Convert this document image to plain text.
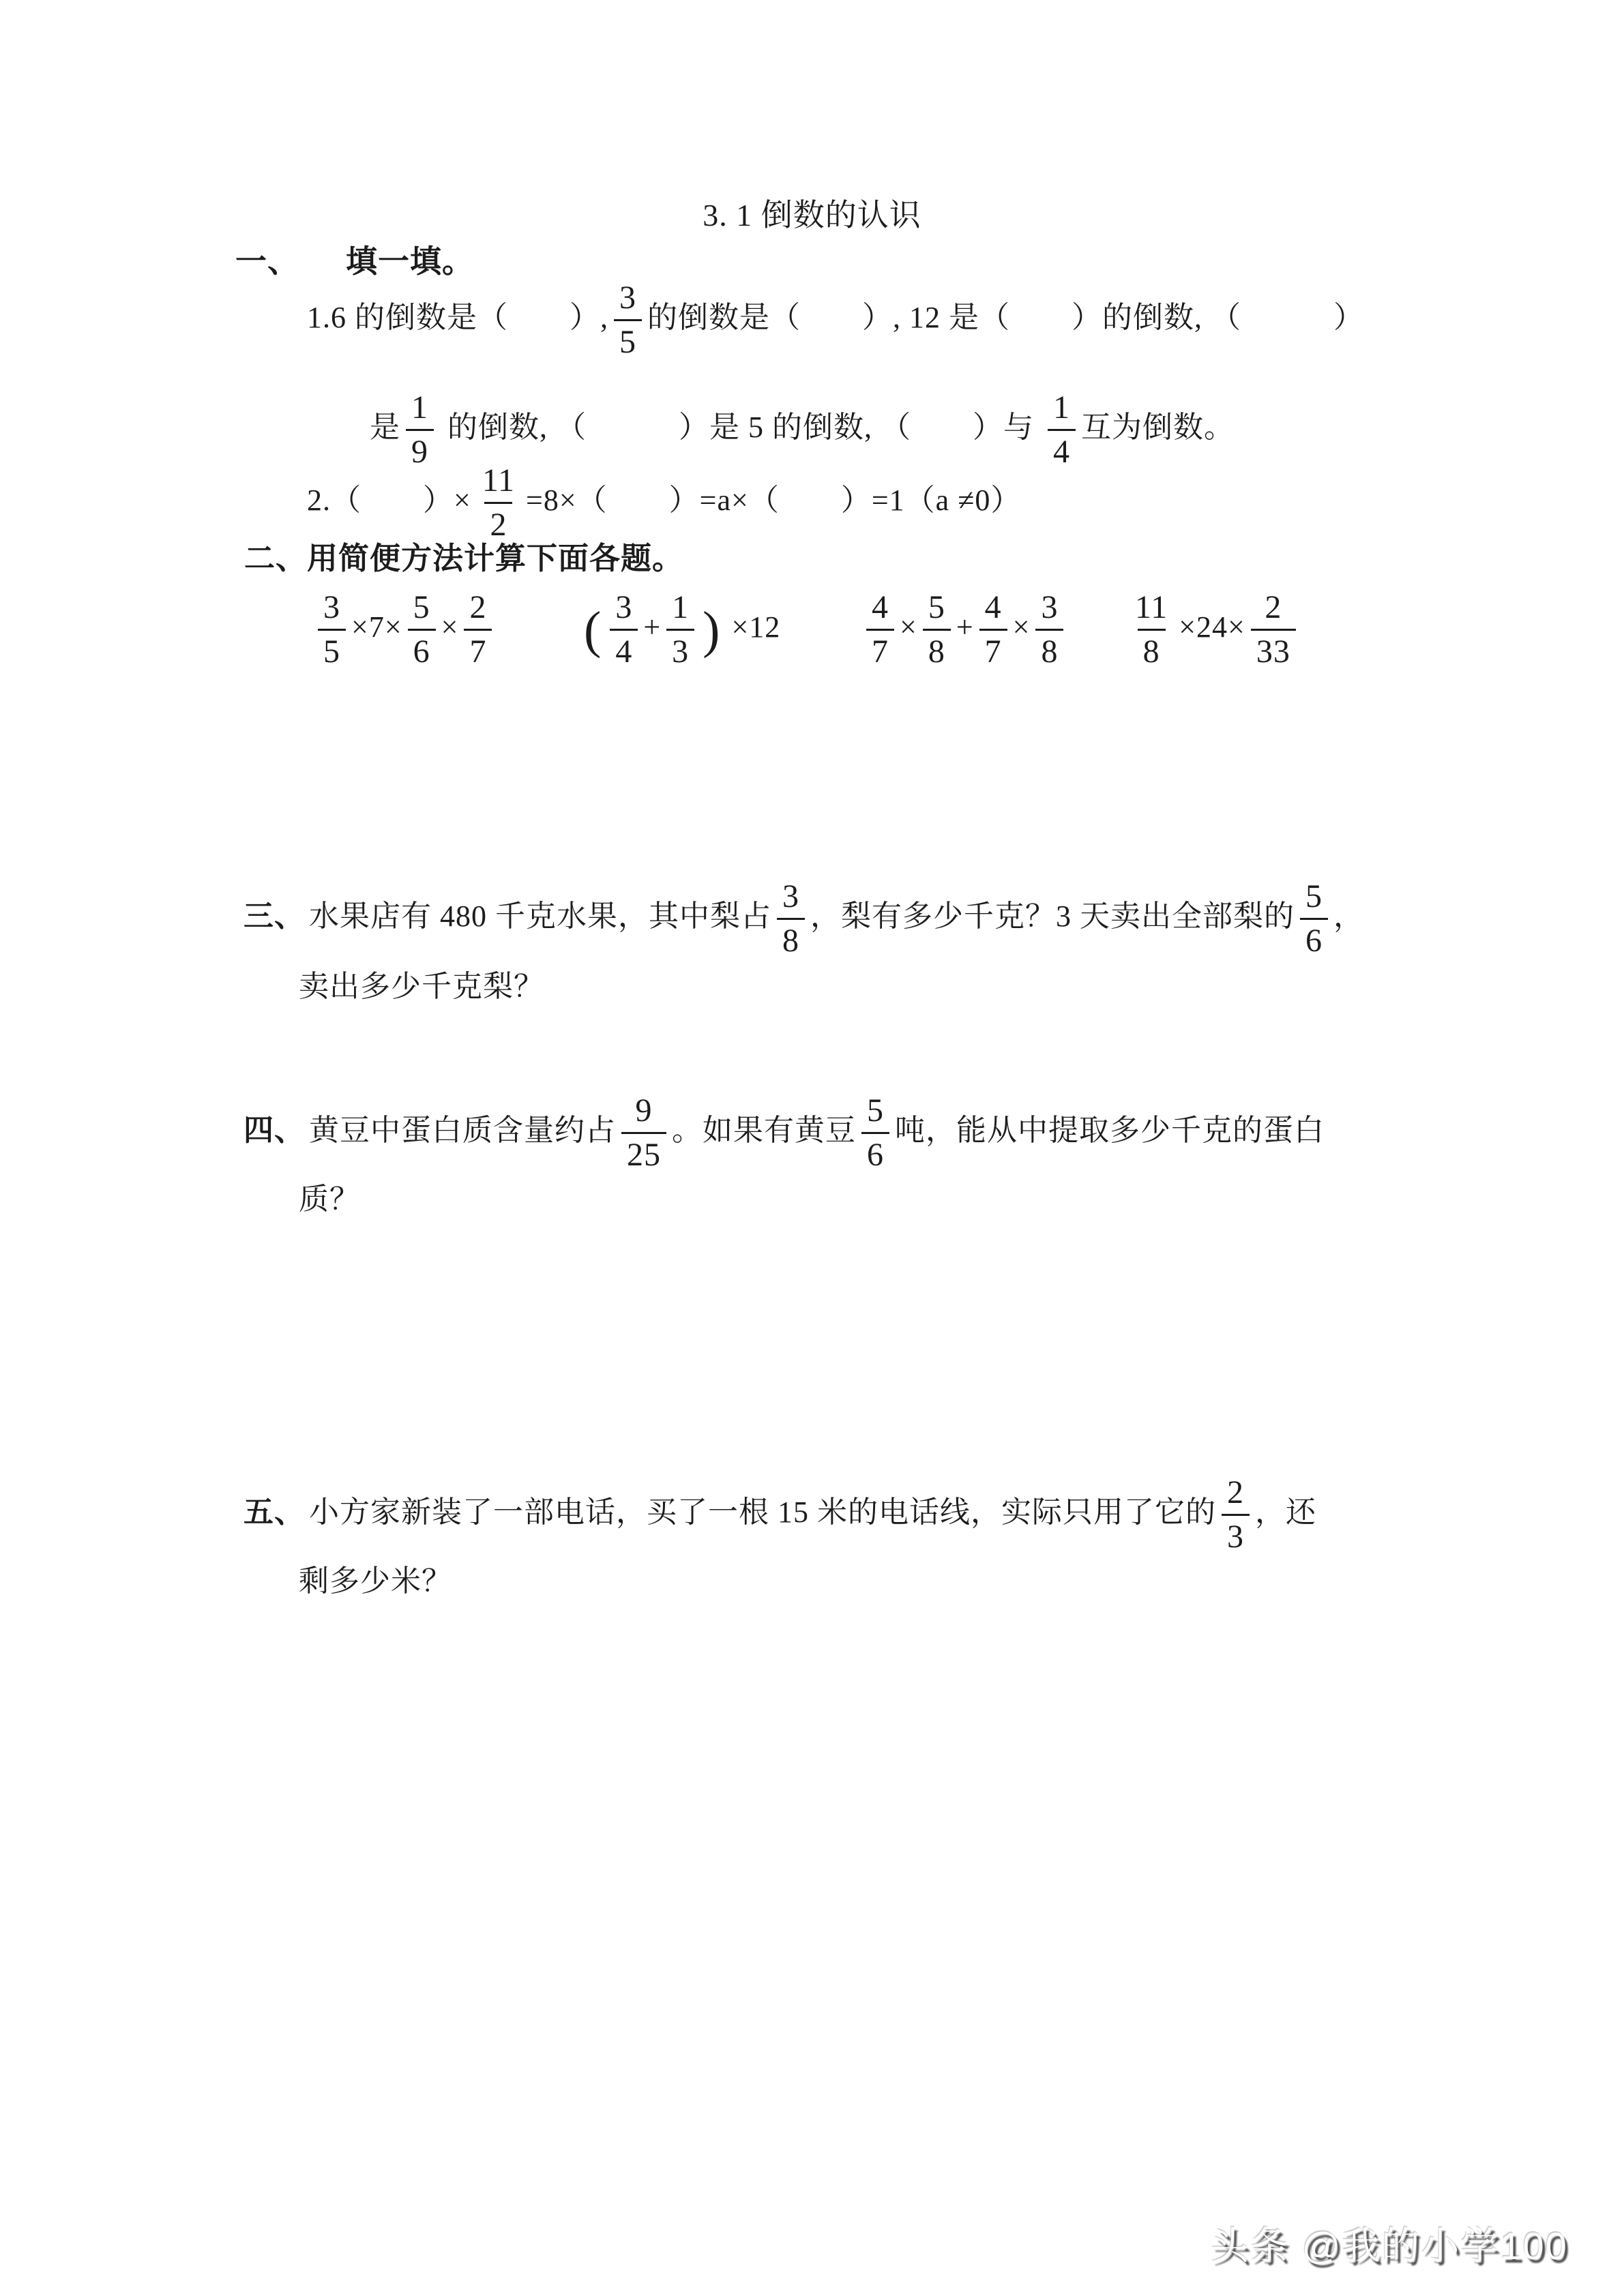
3. 1 倒数的认识
一、 填一填。
1.6 的倒数是（　　）, $\frac{3}{5}$ 的倒数是（　　）, 12 是（　　）的倒数, （　　　）
是 $\frac{1}{9}$ 的倒数, （　　　）是 5 的倒数, （　　）与 $\frac{1}{4}$ 互为倒数。
2.（　　）× $\frac{11}{2} =8\times$（　　）=a×（　　）=1（a ≠0）
二、用简便方法计算下面各题。
$\frac{3}{5} \times 7\times \frac{5}{6} \times \frac{2}{7}$ ( $\frac{3}{4} + \frac{1}{3}$ ) ×12	$\frac{4}{7} \times \frac{5}{8} + \frac{4}{7} \times \frac{3}{8} \frac{11}{8} \times 24\times \frac{2}{33}$
三、 水果店有 480 千克水果，其中梨占 $\frac{3}{8}$ ，梨有多少千克？3 天卖出全部梨的 $\frac{5}{6}$ ，
卖出多少千克梨？
四、 黄豆中蛋白质含量约占 $\frac{9}{25}$ 。如果有黄豆 $\frac{5}{6}$ 吨，能从中提取多少千克的蛋白
质？
五、 小方家新装了一部电话，买了一根 15 米的电话线，实际只用了它的 $\frac{2}{3}$ ，还
剩多少米？
头条 @我的小学100
